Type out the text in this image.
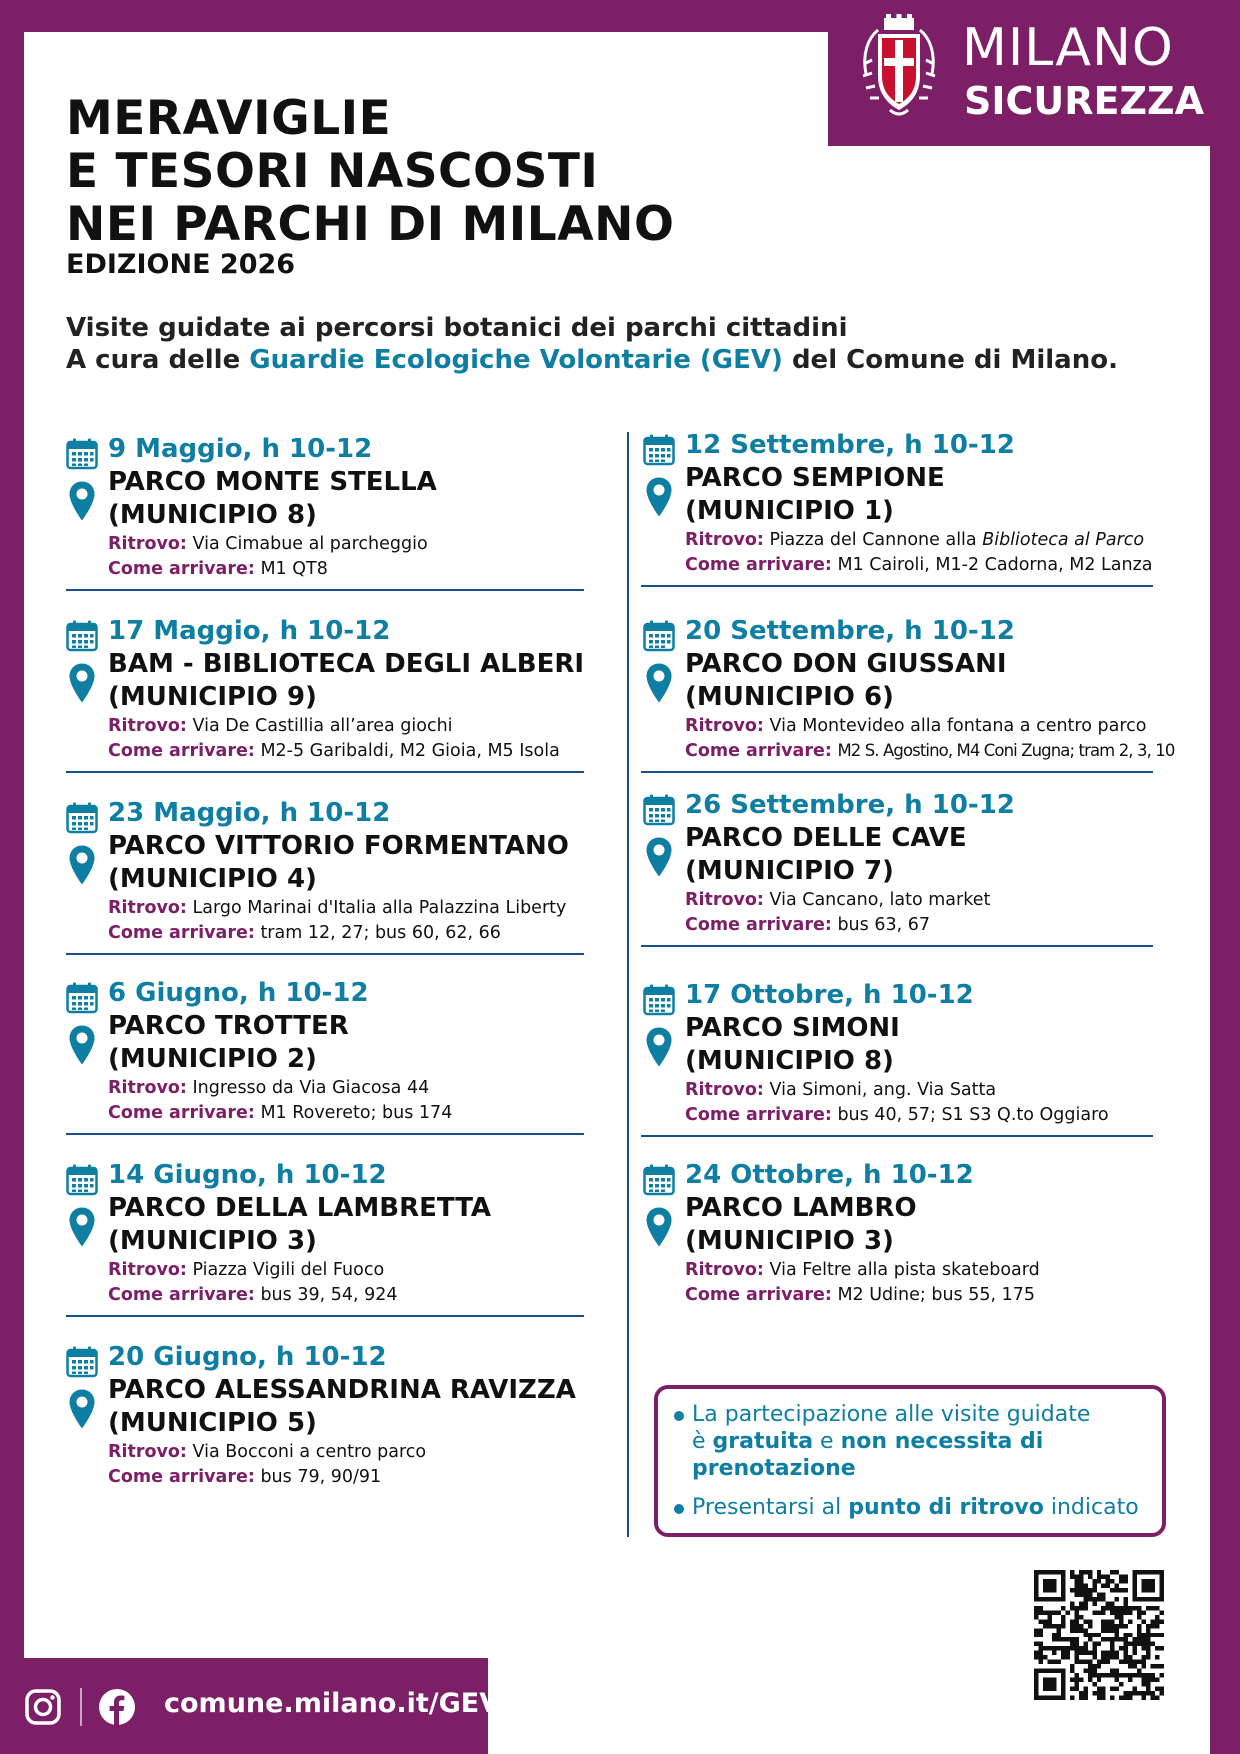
MILANO
SICUREZZA
MERAVIGLIE
E TESORI NASCOSTI
NEI PARCHI DI MILANO
EDIZIONE 2026
Visite guidate ai percorsi botanici dei parchi cittadini
A cura delle Guardie Ecologiche Volontarie (GEV) del Comune di Milano.
9 Maggio, h 10-12
PARCO MONTE STELLA
(MUNICIPIO 8)
Ritrovo: Via Cimabue al parcheggio
Come arrivare: M1 QT8
17 Maggio, h 10-12
BAM - BIBLIOTECA DEGLI ALBERI
(MUNICIPIO 9)
Ritrovo: Via De Castillia all’area giochi
Come arrivare: M2-5 Garibaldi, M2 Gioia, M5 Isola
23 Maggio, h 10-12
PARCO VITTORIO FORMENTANO
(MUNICIPIO 4)
Ritrovo: Largo Marinai d'Italia alla Palazzina Liberty
Come arrivare: tram 12, 27; bus 60, 62, 66
6 Giugno, h 10-12
PARCO TROTTER
(MUNICIPIO 2)
Ritrovo: Ingresso da Via Giacosa 44
Come arrivare: M1 Rovereto; bus 174
14 Giugno, h 10-12
PARCO DELLA LAMBRETTA
(MUNICIPIO 3)
Ritrovo: Piazza Vigili del Fuoco
Come arrivare: bus 39, 54, 924
20 Giugno, h 10-12
PARCO ALESSANDRINA RAVIZZA
(MUNICIPIO 5)
Ritrovo: Via Bocconi a centro parco
Come arrivare: bus 79, 90/91
12 Settembre, h 10-12
PARCO SEMPIONE
(MUNICIPIO 1)
Ritrovo: Piazza del Cannone alla Biblioteca al Parco
Come arrivare: M1 Cairoli, M1-2 Cadorna, M2 Lanza
20 Settembre, h 10-12
PARCO DON GIUSSANI
(MUNICIPIO 6)
Ritrovo: Via Montevideo alla fontana a centro parco
Come arrivare: M2 S. Agostino, M4 Coni Zugna; tram 2, 3, 10
26 Settembre, h 10-12
PARCO DELLE CAVE
(MUNICIPIO 7)
Ritrovo: Via Cancano, lato market
Come arrivare: bus 63, 67
17 Ottobre, h 10-12
PARCO SIMONI
(MUNICIPIO 8)
Ritrovo: Via Simoni, ang. Via Satta
Come arrivare: bus 40, 57; S1 S3 Q.to Oggiaro
24 Ottobre, h 10-12
PARCO LAMBRO
(MUNICIPIO 3)
Ritrovo: Via Feltre alla pista skateboard
Come arrivare: M2 Udine; bus 55, 175
La partecipazione alle visite guidate
è gratuita e non necessita di
prenotazione
Presentarsi al punto di ritrovo indicato
comune.milano.it/GEV
